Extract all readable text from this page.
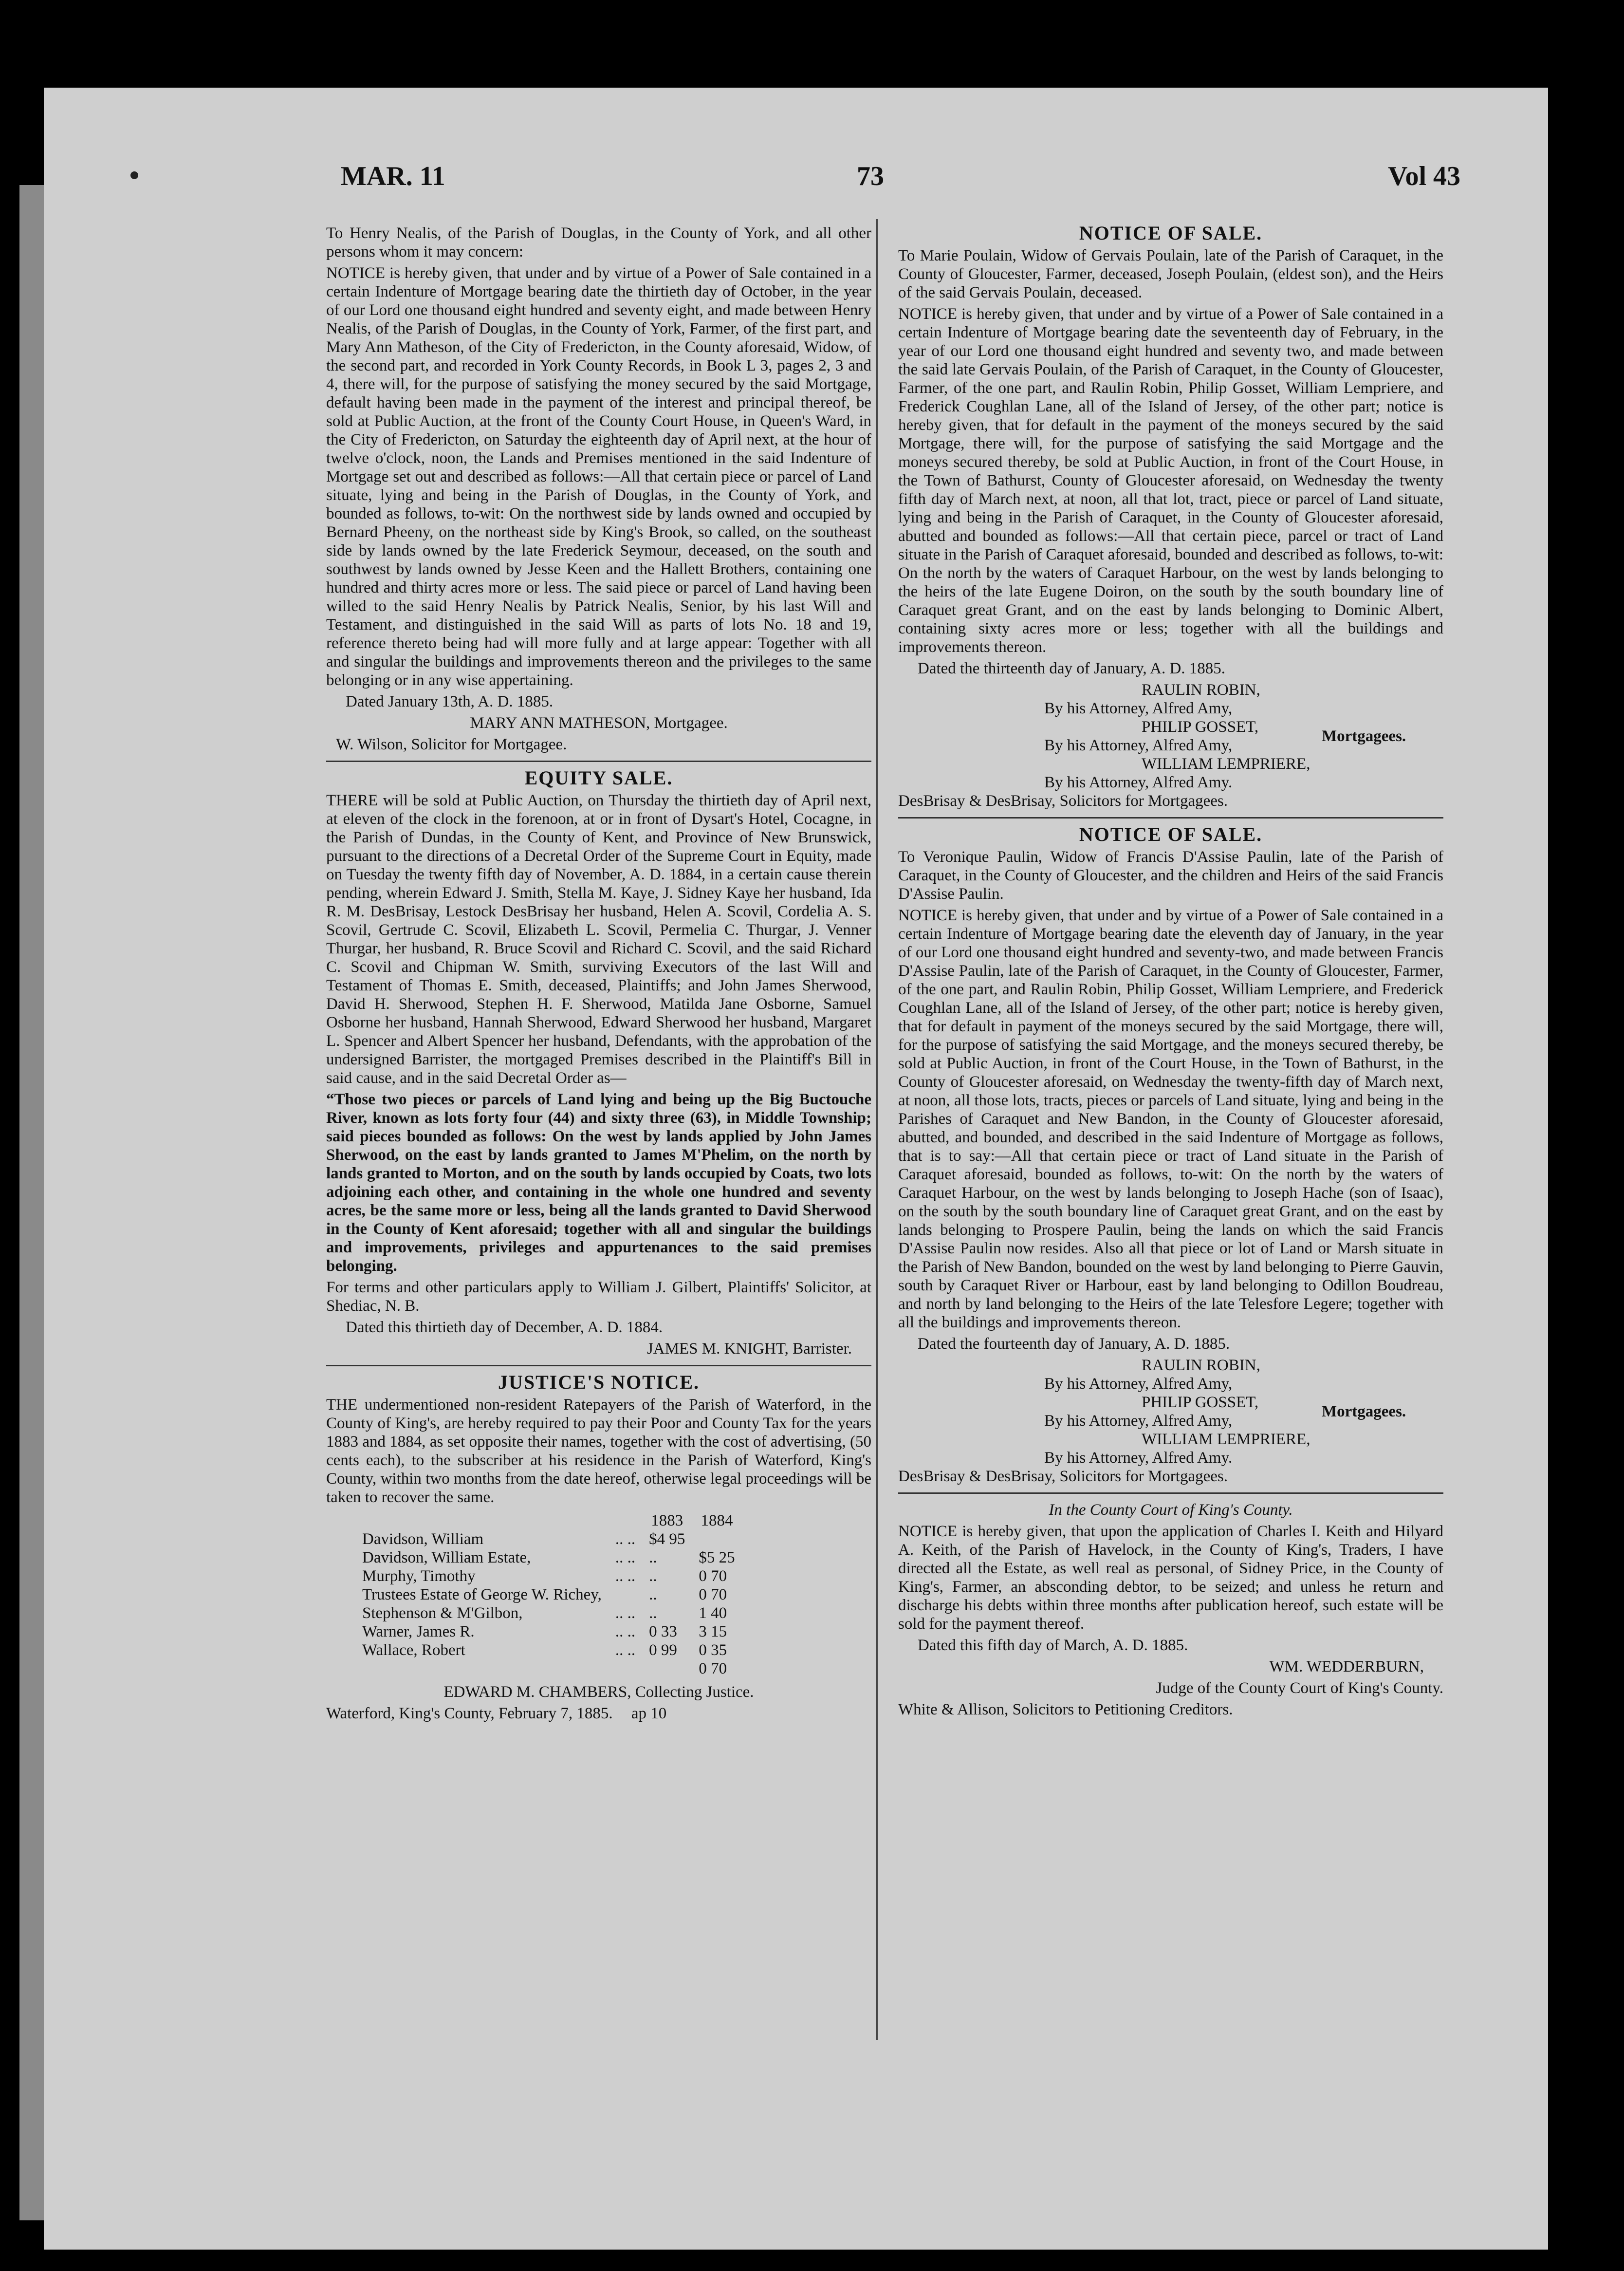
MAR. 11	73	Vol 43

To Henry Nealis, of the Parish of Douglas, in the County of York, and all other persons whom it may concern:

NOTICE is hereby given, that under and by virtue of a Power of Sale contained in a certain Indenture of Mortgage bearing date the thirtieth day of October, in the year of our Lord one thousand eight hundred and seventy eight, and made between Henry Nealis, of the Parish of Douglas, in the County of York, Farmer, of the first part, and Mary Ann Matheson, of the City of Fredericton, in the County aforesaid, Widow, of the second part, and recorded in York County Records, in Book L 3, pages 2, 3 and 4, there will, for the purpose of satisfying the money secured by the said Mortgage, default having been made in the payment of the interest and principal thereof, be sold at Public Auction, at the front of the County Court House, in Queen's Ward, in the City of Fredericton, on Saturday the eighteenth day of April next, at the hour of twelve o'clock, noon, the Lands and Premises mentioned in the said Indenture of Mortgage set out and described as follows:—All that certain piece or parcel of Land situate, lying and being in the Parish of Douglas, in the County of York, and bounded as follows, to-wit: On the northwest side by lands owned and occupied by Bernard Pheeny, on the northeast side by King's Brook, so called, on the southeast side by lands owned by the late Frederick Seymour, deceased, on the south and southwest by lands owned by Jesse Keen and the Hallett Brothers, containing one hundred and thirty acres more or less. The said piece or parcel of Land having been willed to the said Henry Nealis by Patrick Nealis, Senior, by his last Will and Testament, and distinguished in the said Will as parts of lots No. 18 and 19, reference thereto being had will more fully and at large appear: Together with all and singular the buildings and improvements thereon and the privileges to the same belonging or in any wise appertaining.

Dated January 13th, A. D. 1885.

MARY ANN MATHESON, Mortgagee.

W. Wilson, Solicitor for Mortgagee.

EQUITY SALE.

THERE will be sold at Public Auction, on Thursday the thirtieth day of April next, at eleven of the clock in the forenoon, at or in front of Dysart's Hotel, Cocagne, in the Parish of Dundas, in the County of Kent, and Province of New Brunswick, pursuant to the directions of a Decretal Order of the Supreme Court in Equity, made on Tuesday the twenty fifth day of November, A. D. 1884, in a certain cause therein pending, wherein Edward J. Smith, Stella M. Kaye, J. Sidney Kaye her husband, Ida R. M. DesBrisay, Lestock DesBrisay her husband, Helen A. Scovil, Cordelia A. S. Scovil, Gertrude C. Scovil, Elizabeth L. Scovil, Permelia C. Thurgar, J. Venner Thurgar, her husband, R. Bruce Scovil and Richard C. Scovil, and the said Richard C. Scovil and Chipman W. Smith, surviving Executors of the last Will and Testament of Thomas E. Smith, deceased, Plaintiffs; and John James Sherwood, David H. Sherwood, Stephen H. F. Sherwood, Matilda Jane Osborne, Samuel Osborne her husband, Hannah Sherwood, Edward Sherwood her husband, Margaret L. Spencer and Albert Spencer her husband, Defendants, with the approbation of the undersigned Barrister, the mortgaged Premises described in the Plaintiff's Bill in said cause, and in the said Decretal Order as—

“Those two pieces or parcels of Land lying and being up the Big Buctouche River, known as lots forty four (44) and sixty three (63), in Middle Township; said pieces bounded as follows: On the west by lands applied by John James Sherwood, on the east by lands granted to James M'Phelim, on the north by lands granted to Morton, and on the south by lands occupied by Coats, two lots adjoining each other, and containing in the whole one hundred and seventy acres, be the same more or less, being all the lands granted to David Sherwood in the County of Kent aforesaid; together with all and singular the buildings and improvements, privileges and appurtenances to the said premises belonging.

For terms and other particulars apply to William J. Gilbert, Plaintiffs' Solicitor, at Shediac, N. B.

Dated this thirtieth day of December, A. D. 1884.

JAMES M. KNIGHT, Barrister.

JUSTICE'S NOTICE.

THE undermentioned non-resident Ratepayers of the Parish of Waterford, in the County of King's, are hereby required to pay their Poor and County Tax for the years 1883 and 1884, as set opposite their names, together with the cost of advertising, (50 cents each), to the subscriber at his residence in the Parish of Waterford, King's County, within two months from the date hereof, otherwise legal proceedings will be taken to recover the same.

		1883	1884
Davidson, William	.. ..	$4 95	
Davidson, William Estate,	.. ..	..	$5 25
Murphy, Timothy	.. ..	..	0 70
Trustees Estate of George W. Richey,		..	0 70
Stephenson & M'Gilbon,	.. ..	..	1 40
Warner, James R.	.. ..	0 33	3 15
Wallace, Robert	.. ..	0 99	0 35
			0 70

EDWARD M. CHAMBERS, Collecting Justice.

Waterford, King's County, February 7, 1885. ap 10

NOTICE OF SALE.

To Marie Poulain, Widow of Gervais Poulain, late of the Parish of Caraquet, in the County of Gloucester, Farmer, deceased, Joseph Poulain, (eldest son), and the Heirs of the said Gervais Poulain, deceased.

NOTICE is hereby given, that under and by virtue of a Power of Sale contained in a certain Indenture of Mortgage bearing date the seventeenth day of February, in the year of our Lord one thousand eight hundred and seventy two, and made between the said late Gervais Poulain, of the Parish of Caraquet, in the County of Gloucester, Farmer, of the one part, and Raulin Robin, Philip Gosset, William Lempriere, and Frederick Coughlan Lane, all of the Island of Jersey, of the other part; notice is hereby given, that for default in the payment of the moneys secured by the said Mortgage, there will, for the purpose of satisfying the said Mortgage and the moneys secured thereby, be sold at Public Auction, in front of the Court House, in the Town of Bathurst, County of Gloucester aforesaid, on Wednesday the twenty fifth day of March next, at noon, all that lot, tract, piece or parcel of Land situate, lying and being in the Parish of Caraquet, in the County of Gloucester aforesaid, abutted and bounded as follows:—All that certain piece, parcel or tract of Land situate in the Parish of Caraquet aforesaid, bounded and described as follows, to-wit: On the north by the waters of Caraquet Harbour, on the west by lands belonging to the heirs of the late Eugene Doiron, on the south by the south boundary line of Caraquet great Grant, and on the east by lands belonging to Dominic Albert, containing sixty acres more or less; together with all the buildings and improvements thereon.

Dated the thirteenth day of January, A. D. 1885.

RAULIN ROBIN,
By his Attorney, Alfred Amy,
PHILIP GOSSET,
By his Attorney, Alfred Amy,
WILLIAM LEMPRIERE,
By his Attorney, Alfred Amy.
Mortgagees.

DesBrisay & DesBrisay, Solicitors for Mortgagees.

NOTICE OF SALE.

To Veronique Paulin, Widow of Francis D'Assise Paulin, late of the Parish of Caraquet, in the County of Gloucester, and the children and Heirs of the said Francis D'Assise Paulin.

NOTICE is hereby given, that under and by virtue of a Power of Sale contained in a certain Indenture of Mortgage bearing date the eleventh day of January, in the year of our Lord one thousand eight hundred and seventy-two, and made between Francis D'Assise Paulin, late of the Parish of Caraquet, in the County of Gloucester, Farmer, of the one part, and Raulin Robin, Philip Gosset, William Lempriere, and Frederick Coughlan Lane, all of the Island of Jersey, of the other part; notice is hereby given, that for default in payment of the moneys secured by the said Mortgage, there will, for the purpose of satisfying the said Mortgage, and the moneys secured thereby, be sold at Public Auction, in front of the Court House, in the Town of Bathurst, in the County of Gloucester aforesaid, on Wednesday the twenty-fifth day of March next, at noon, all those lots, tracts, pieces or parcels of Land situate, lying and being in the Parishes of Caraquet and New Bandon, in the County of Gloucester aforesaid, abutted, and bounded, and described in the said Indenture of Mortgage as follows, that is to say:—All that certain piece or tract of Land situate in the Parish of Caraquet aforesaid, bounded as follows, to-wit: On the north by the waters of Caraquet Harbour, on the west by lands belonging to Joseph Hache (son of Isaac), on the south by the south boundary line of Caraquet great Grant, and on the east by lands belonging to Prospere Paulin, being the lands on which the said Francis D'Assise Paulin now resides. Also all that piece or lot of Land or Marsh situate in the Parish of New Bandon, bounded on the west by land belonging to Pierre Gauvin, south by Caraquet River or Harbour, east by land belonging to Odillon Boudreau, and north by land belonging to the Heirs of the late Telesfore Legere; together with all the buildings and improvements thereon.

Dated the fourteenth day of January, A. D. 1885.

RAULIN ROBIN,
By his Attorney, Alfred Amy,
PHILIP GOSSET,
By his Attorney, Alfred Amy,
WILLIAM LEMPRIERE,
By his Attorney, Alfred Amy.
Mortgagees.

DesBrisay & DesBrisay, Solicitors for Mortgagees.

In the County Court of King's County.

NOTICE is hereby given, that upon the application of Charles I. Keith and Hilyard A. Keith, of the Parish of Havelock, in the County of King's, Traders, I have directed all the Estate, as well real as personal, of Sidney Price, in the County of King's, Farmer, an absconding debtor, to be seized; and unless he return and discharge his debts within three months after publication hereof, such estate will be sold for the payment thereof.

Dated this fifth day of March, A. D. 1885.

WM. WEDDERBURN,

Judge of the County Court of King's County.

White & Allison, Solicitors to Petitioning Creditors.
